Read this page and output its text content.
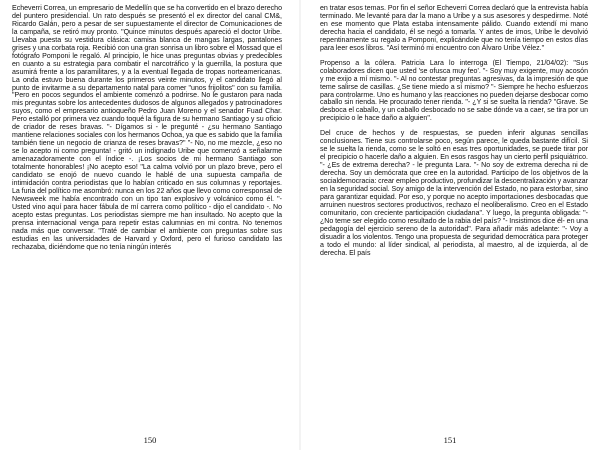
Echeverri Correa, un empresario de Medellín que se ha convertido en el brazo derecho del puntero presidencial. Un rato después se presentó el ex director del canal CM&, Ricardo Galán, pero a pesar de ser supuestamente el director de Comunicaciones de la campaña, se retiró muy pronto. "Quince minutos después apareció el doctor Uribe. Llevaba puesta su vestidura clásica: camisa blanca de mangas largas, pantalones grises y una corbata roja. Recibió con una gran sonrisa un libro sobre el Mossad que el fotógrafo Pomponi le regaló. Al principio, le hice unas preguntas obvias y predecibles en cuanto a su estrategia para combatir el narcotráfico y la guerrilla, la postura que asumirá frente a los paramilitares, y a la eventual llegada de tropas norteamericanas. La onda estuvo buena durante los primeros veinte minutos, y el candidato llegó al punto de invitarme a su departamento natal para comer "unos frijolitos" con su familia. "Pero en pocos segundos el ambiente comenzó a podrirse. No le gustaron para nada mis preguntas sobre los antecedentes dudosos de algunos allegados y patrocinadores suyos, como el empresario antioqueño Pedro Juan Moreno y el senador Fuad Char. Pero estalló por primera vez cuando toqué la figura de su hermano Santiago y su oficio de criador de reses bravas. "- Dígamos si - le pregunté - ¿su hermano Santiago mantiene relaciones sociales con los hermanos Ochoa, ya que es sabido que la familia también tiene un negocio de crianza de reses bravas?" "- No, no me mezcle, ¿eso no se lo acepto ni como pregunta! - gritó un indignado Uribe que comenzó a señalarme amenazadoramente con el índice -. ¡Los socios de mi hermano Santiago son totalmente honorables! ¡No acepto eso! "La calma volvió por un plazo breve, pero el candidato se enojó de nuevo cuando le hablé de una supuesta campaña de intimidación contra periodistas que lo habían criticado en sus columnas y reportajes. La furia del político me asombró: nunca en los 22 años que llevo como corresponsal de Newsweek me había encontrado con un tipo tan explosivo y volcánico como él. "- Usted vino aquí para hacer fábula de mí carrera como político - dijo el candidato -. No acepto estas preguntas. Los periodistas siempre me han insultado. No acepto que la prensa internacional venga para repetir estas calumnias en mi contra. No tenemos nada más que conversar. "Traté de cambiar el ambiente con preguntas sobre sus estudias en las universidades de Harvard y Oxford, pero el furioso candidato las rechazaba, diciéndome que no tenía ningún interés

150

en tratar esos temas. Por fin el señor Echeverri Correa declaró que la entrevista había terminado. Me levanté para dar la mano a Uribe y a sus asesores y despedirme. Noté en ese momento que Plata estaba intensamente pálido. Cuando extendí mi mano derecha hacia el candidato, él se negó a tomarla. Y antes de irnos, Uribe le devolvió repentinamente su regalo a Pomponi, explicándole que no tenía tiempo en estos días para leer esos libros. "Así terminó mi encuentro con Álvaro Uribe Vélez."

Propenso a la cólera. Patricia Lara lo interroga (El Tiempo, 21/04/02): "Sus colaboradores dicen que usted 'se ofusca muy feo'. "- Soy muy exigente, muy acosón y me exijo a mí mismo. "- Al no contestar preguntas agresivas, da la impresión de que teme salirse de casillas. ¿Se tiene miedo a sí mismo? "- Siempre he hecho esfuerzos para controlarme. Uno es humano y las reacciones no pueden dejarse desbocar como caballo sin rienda. He procurado tener rienda. "- ¿Y si se suelta la rienda? "Grave. Se desboca el caballo, y un caballo desbocado no se sabe dónde va a caer, se tira por un precipicio o le hace daño a alguien".

Del cruce de hechos y de respuestas, se pueden inferir algunas sencillas conclusiones. Tiene sus controlarse poco, según parece, le queda bastante difícil. Si se le suelta la rienda, como se le soltó en esas tres oportunidades, se puede tirar por el precipicio o hacerle daño a alguien. En esos rasgos hay un cierto perfil psiquiátrico. "- ¿Es de extrema derecha? - le pregunta Lara. "- No soy de extrema derecha ni de derecha. Soy un demócrata que cree en la autoridad. Participo de los objetivos de la socialdemocracia: crear empleo productivo, profundizar la descentralización y avanzar en la seguridad social. Soy amigo de la intervención del Estado, no para estorbar, sino para garantizar equidad. Por eso, y porque no acepto importaciones desbocadas que arruinen nuestros sectores productivos, rechazo el neoliberalismo. Creo en el Estado comunitario, con creciente participación ciudadana". Y luego, la pregunta obligada: "- ¿No teme ser elegido como resultado de la rabia del país? "- Insistimos dice él- en una pedagogía del ejercicio sereno de la autoridad". Para añadir más adelante: "- Voy a disuadir a los violentos. Tengo una propuesta de seguridad democrática para proteger a todo el mundo: al líder sindical, al periodista, al maestro, al de izquierda, al de derecha. El país

151
